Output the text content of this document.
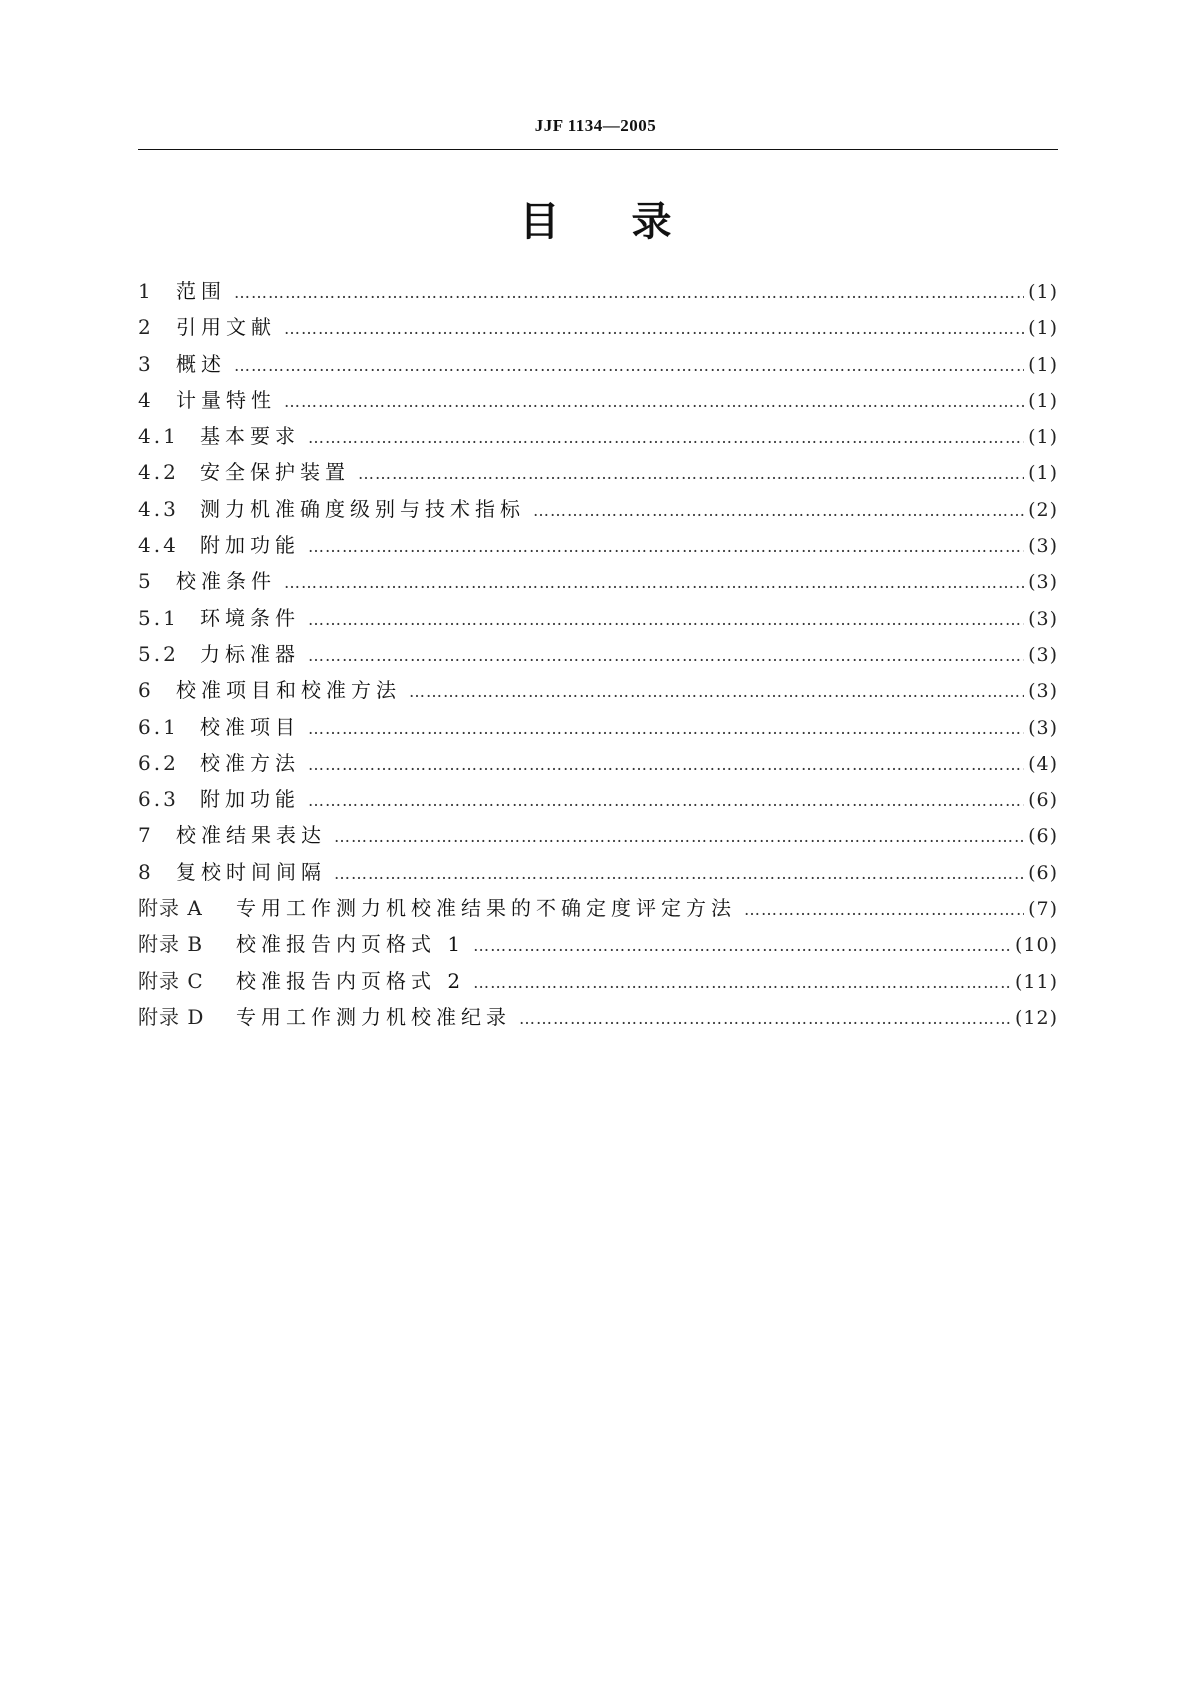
JJF 1134—2005
目录
1	范围 ……………………………………………………………………………………………………………………………………………………………………………………………………	(1)
2	引用文献 ……………………………………………………………………………………………………………………………………………………………………………………………………	(1)
3	概述 ……………………………………………………………………………………………………………………………………………………………………………………………………	(1)
4	计量特性 ……………………………………………………………………………………………………………………………………………………………………………………………………	(1)
4.1	基本要求 ……………………………………………………………………………………………………………………………………………………………………………………………………	(1)
4.2	安全保护装置 ……………………………………………………………………………………………………………………………………………………………………………………………………	(1)
4.3	测力机准确度级别与技术指标 ……………………………………………………………………………………………………………………………………………………………………………………………………	(2)
4.4	附加功能 ……………………………………………………………………………………………………………………………………………………………………………………………………	(3)
5	校准条件 ……………………………………………………………………………………………………………………………………………………………………………………………………	(3)
5.1	环境条件 ……………………………………………………………………………………………………………………………………………………………………………………………………	(3)
5.2	力标准器 ……………………………………………………………………………………………………………………………………………………………………………………………………	(3)
6	校准项目和校准方法 ……………………………………………………………………………………………………………………………………………………………………………………………………	(3)
6.1	校准项目 ……………………………………………………………………………………………………………………………………………………………………………………………………	(3)
6.2	校准方法 ……………………………………………………………………………………………………………………………………………………………………………………………………	(4)
6.3	附加功能 ……………………………………………………………………………………………………………………………………………………………………………………………………	(6)
7	校准结果表达 ……………………………………………………………………………………………………………………………………………………………………………………………………	(6)
8	复校时间间隔 ……………………………………………………………………………………………………………………………………………………………………………………………………	(6)
附录 A	专用工作测力机校准结果的不确定度评定方法 ……………………………………………………………………………………………………………………………………………………………………………………………………	(7)
附录 B	校准报告内页格式 1 ……………………………………………………………………………………………………………………………………………………………………………………………………	(10)
附录 C	校准报告内页格式 2 ……………………………………………………………………………………………………………………………………………………………………………………………………	(11)
附录 D	专用工作测力机校准纪录 ……………………………………………………………………………………………………………………………………………………………………………………………………	(12)
